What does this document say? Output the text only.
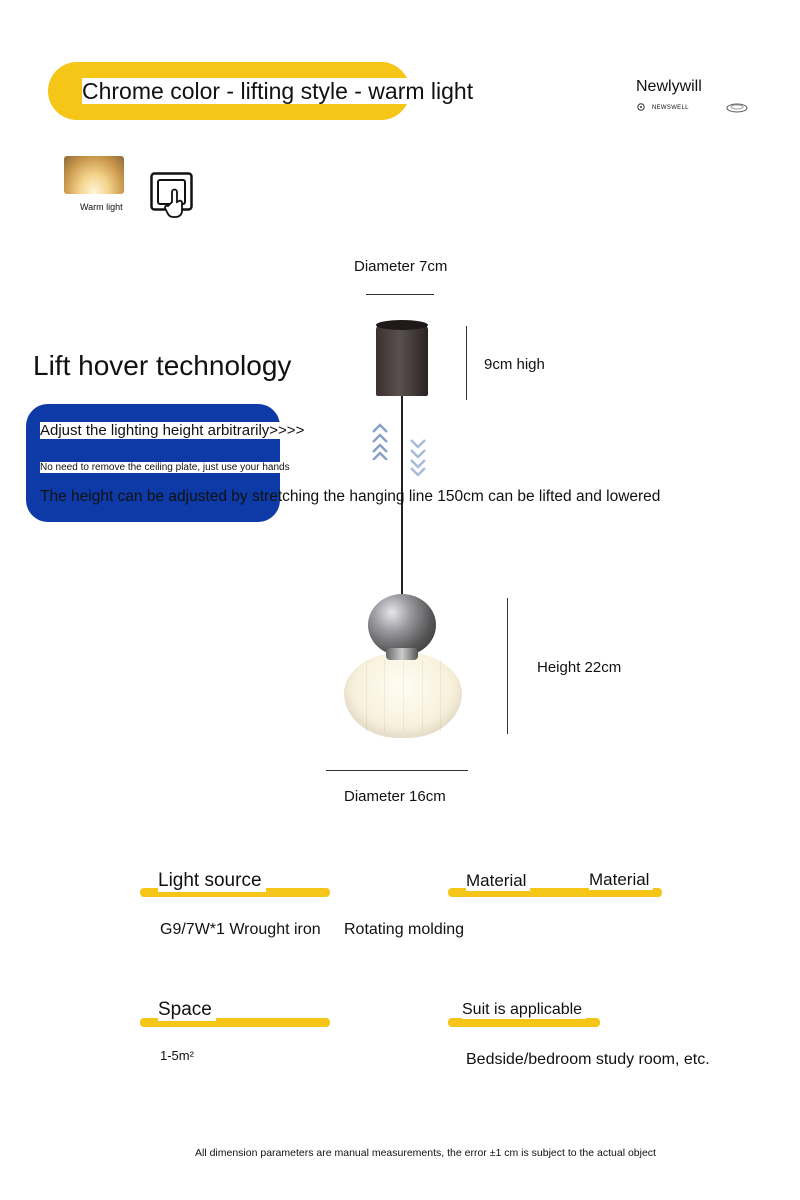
Chrome color - lifting style - warm light	Newlywill
NEWSWELL
Warm light
Diameter 7cm
9cm high
Lift hover technology
Adjust the lighting height arbitrarily>>>>
No need to remove the ceiling plate, just use your hands
The height can be adjusted by stretching the hanging line 150cm can be lifted and lowered
Height 22cm
Diameter 16cm
Light source
G9/7W*1 Wrought iron
Material	Material
Rotating molding
Space
1-5m²
Suit is applicable
Bedside/bedroom study room, etc.
All dimension parameters are manual measurements, the error ±1 cm is subject to the actual object
